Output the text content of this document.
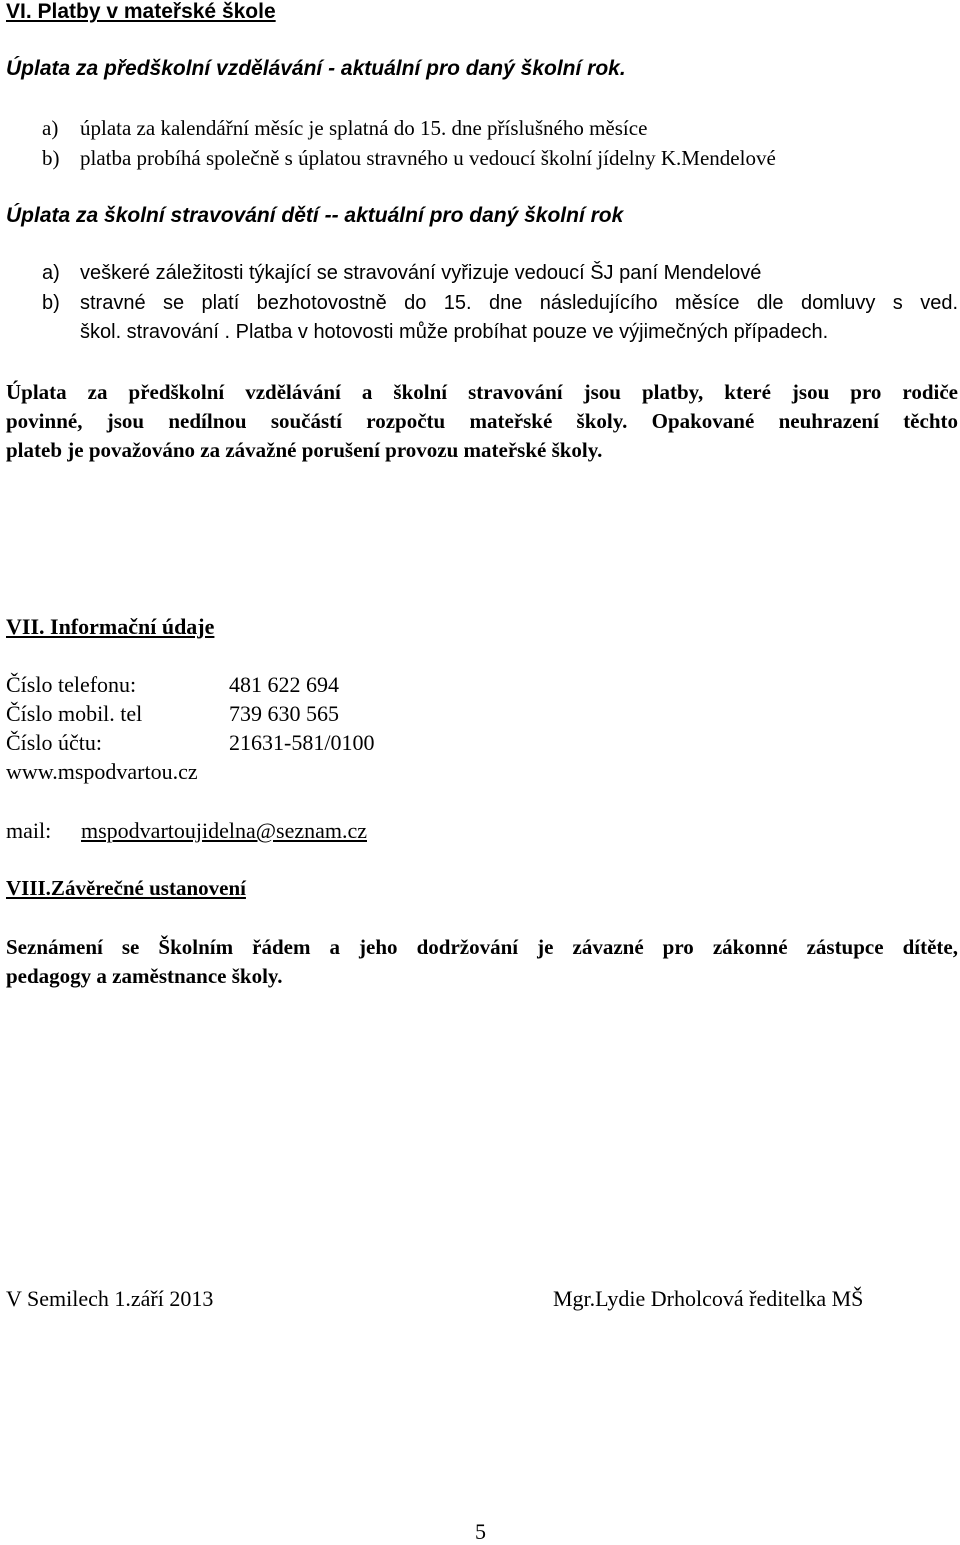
VI. Platby v mateřské škole
Úplata za předškolní vzdělávání - aktuální pro daný školní rok.
a) úplata za kalendářní měsíc je splatná do 15. dne příslušného měsíce
b) platba probíhá společně s úplatou stravného u vedoucí školní jídelny K.Mendelové
Úplata za školní stravování dětí -- aktuální pro daný školní rok
a) veškeré záležitosti týkající se stravování vyřizuje vedoucí ŠJ paní Mendelové
b) stravné se platí bezhotovostně do 15. dne následujícího měsíce dle domluvy s ved.
škol. stravování . Platba v hotovosti může probíhat pouze ve výjimečných případech.
Úplata za předškolní vzdělávání a školní stravování jsou platby, které jsou pro rodiče
povinné, jsou nedílnou součástí rozpočtu mateřské školy. Opakované neuhrazení těchto
plateb je považováno za závažné porušení provozu mateřské školy.
VII. Informační údaje
Číslo telefonu:	481 622 694
Číslo mobil. tel	739 630 565
Číslo účtu:	21631-581/0100
www.mspodvartou.cz
mail: mspodvartoujidelna@seznam.cz
VIII.Závěrečné ustanovení
Seznámení se Školním řádem a jeho dodržování je závazné pro zákonné zástupce dítěte,
pedagogy a zaměstnance školy.
V Semilech 1.září 2013	Mgr.Lydie Drholcová ředitelka MŠ
5
